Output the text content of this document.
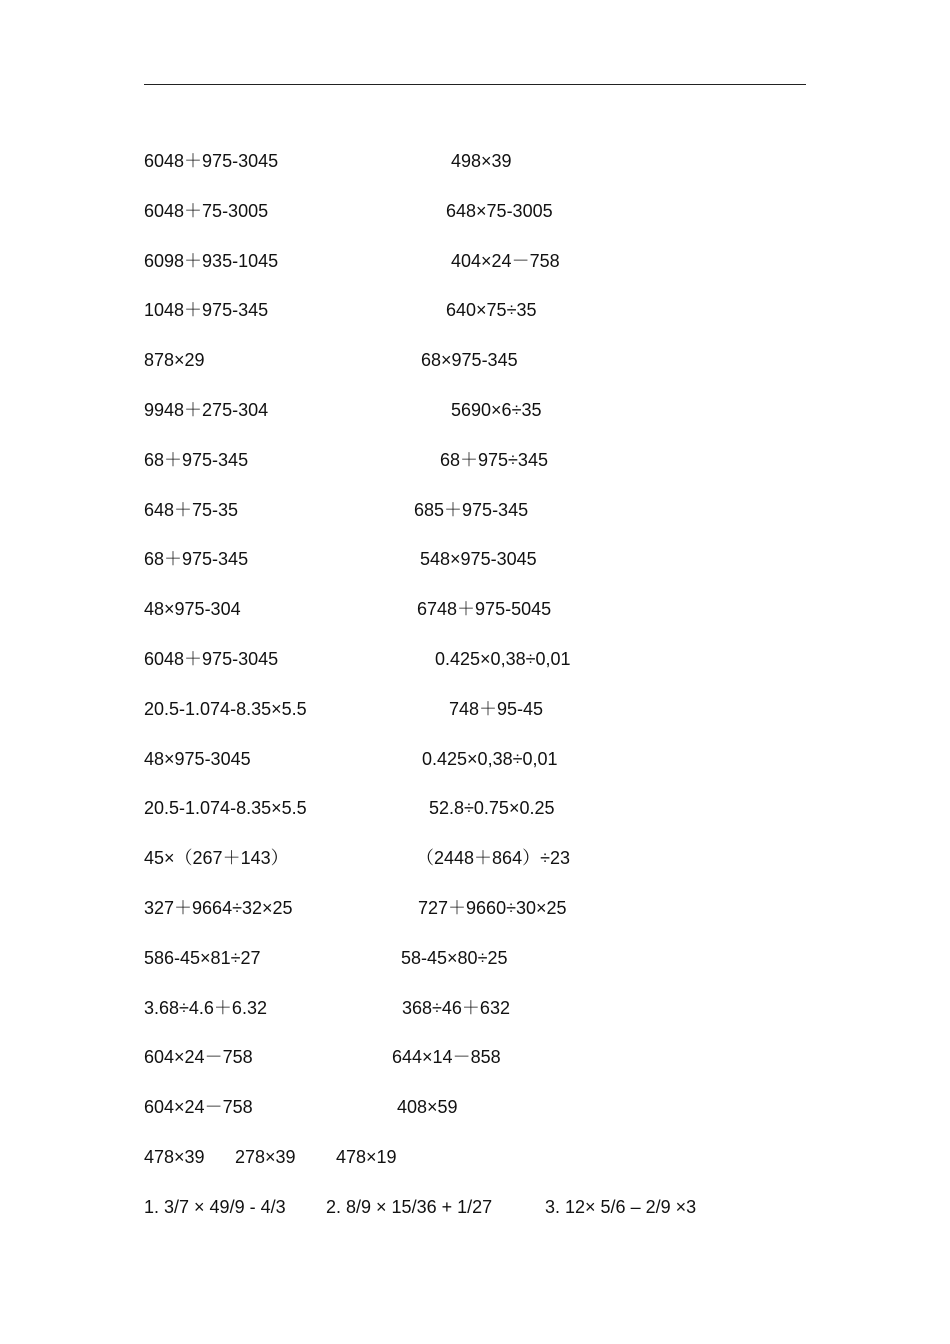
6048＋975-3045	498×39
6048＋75-3005	648×75-3005
6098＋935-1045	404×24－758
1048＋975-345	640×75÷35
878×29	68×975-345
9948＋275-304	5690×6÷35
68＋975-345	68＋975÷345
648＋75-35	685＋975-345
68＋975-345	548×975-3045
48×975-304	6748＋975-5045
6048＋975-3045	0.425×0,38÷0,01
20.5-1.074-8.35×5.5	748＋95-45
48×975-3045	0.425×0,38÷0,01
20.5-1.074-8.35×5.5	52.8÷0.75×0.25
45×（267＋143）	（2448＋864）÷23
327＋9664÷32×25	727＋9660÷30×25
586-45×81÷27	58-45×80÷25
3.68÷4.6＋6.32	368÷46＋632
604×24－758	644×14－858
604×24－758	408×59
478×39 278×39 478×19
1. 3/7 × 49/9 - 4/3 2. 8/9 × 15/36 + 1/27	3. 12× 5/6 – 2/9 ×3
